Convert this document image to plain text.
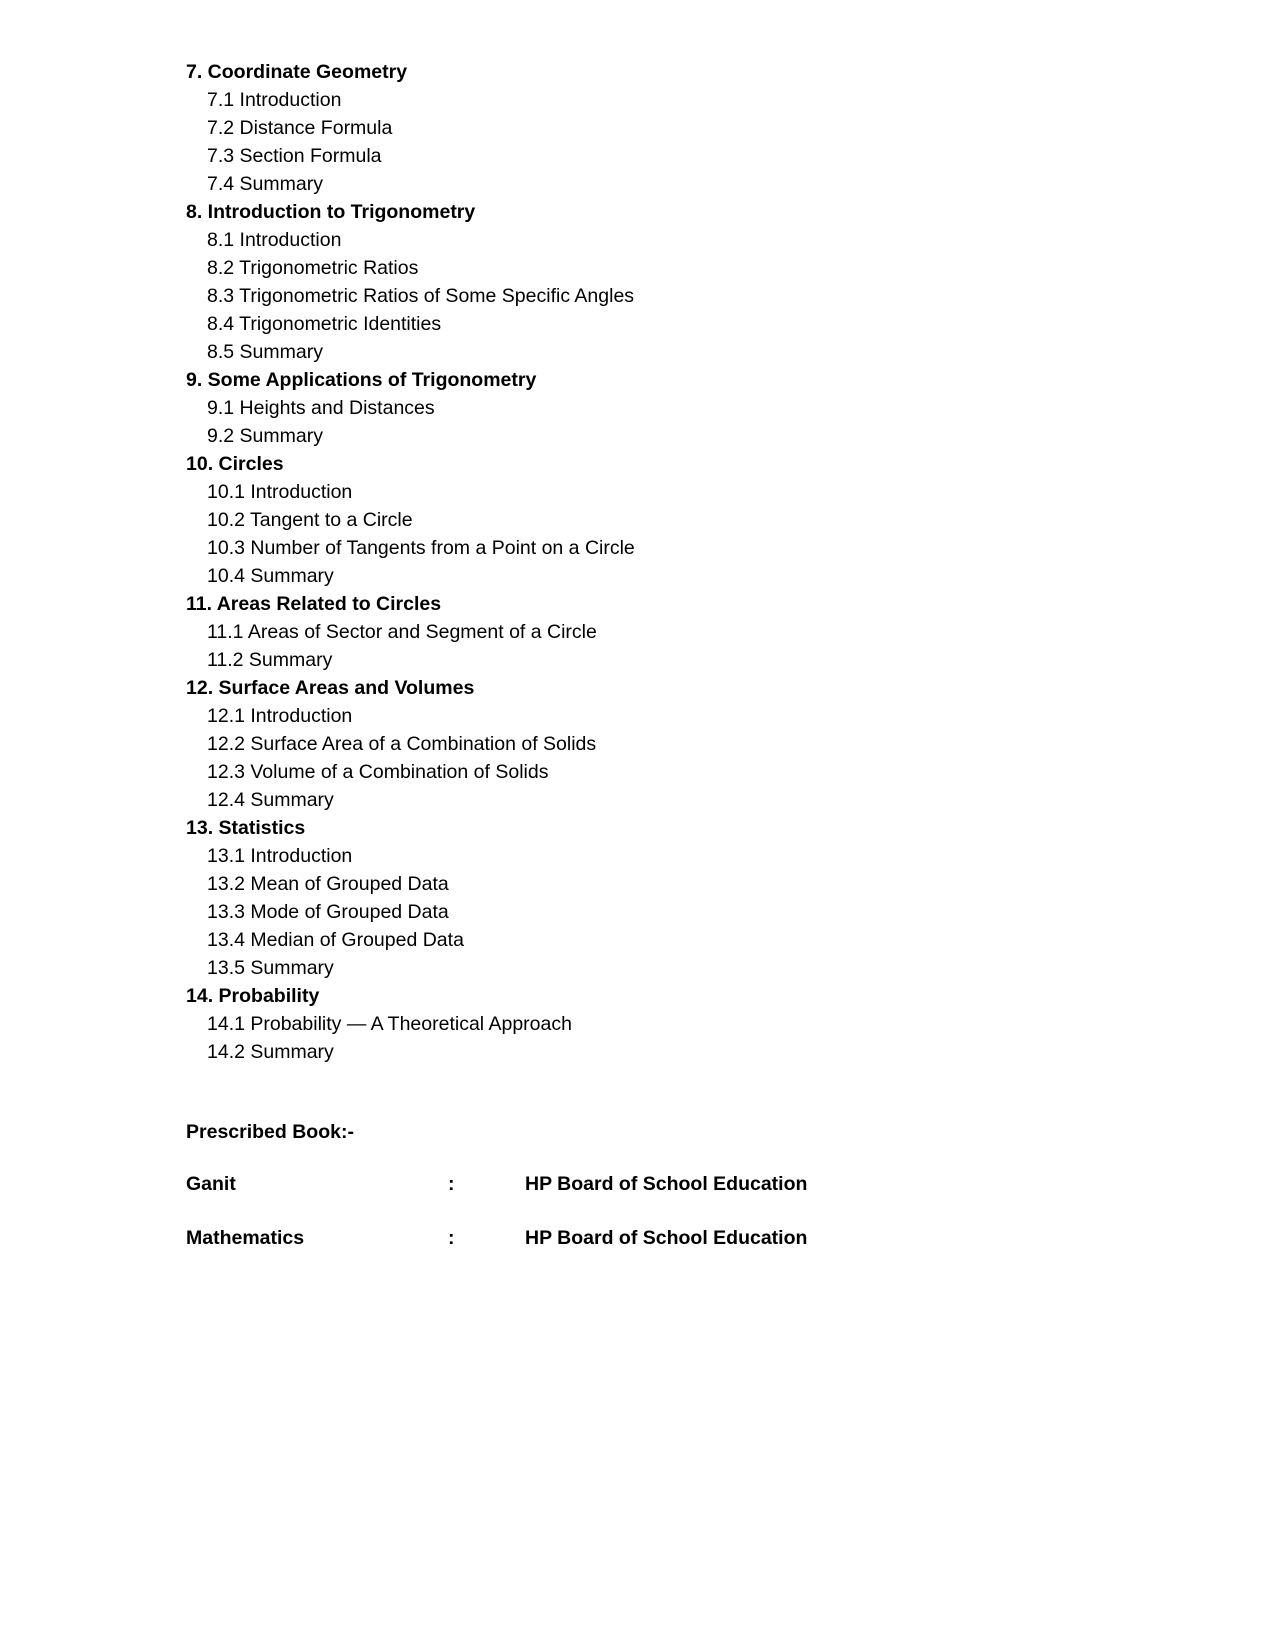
7. Coordinate Geometry
7.1 Introduction
7.2 Distance Formula
7.3 Section Formula
7.4 Summary
8. Introduction to Trigonometry
8.1 Introduction
8.2 Trigonometric Ratios
8.3 Trigonometric Ratios of Some Specific Angles
8.4 Trigonometric Identities
8.5 Summary
9. Some Applications of Trigonometry
9.1 Heights and Distances
9.2 Summary
10. Circles
10.1 Introduction
10.2 Tangent to a Circle
10.3 Number of Tangents from a Point on a Circle
10.4 Summary
11. Areas Related to Circles
11.1 Areas of Sector and Segment of a Circle
11.2 Summary
12. Surface Areas and Volumes
12.1 Introduction
12.2 Surface Area of a Combination of Solids
12.3 Volume of a Combination of Solids
12.4 Summary
13. Statistics
13.1 Introduction
13.2 Mean of Grouped Data
13.3 Mode of Grouped Data
13.4 Median of Grouped Data
13.5 Summary
14. Probability
14.1 Probability — A Theoretical Approach
14.2 Summary
Prescribed Book:-
Ganit	:	HP Board of School Education
Mathematics	:	HP Board of School Education
